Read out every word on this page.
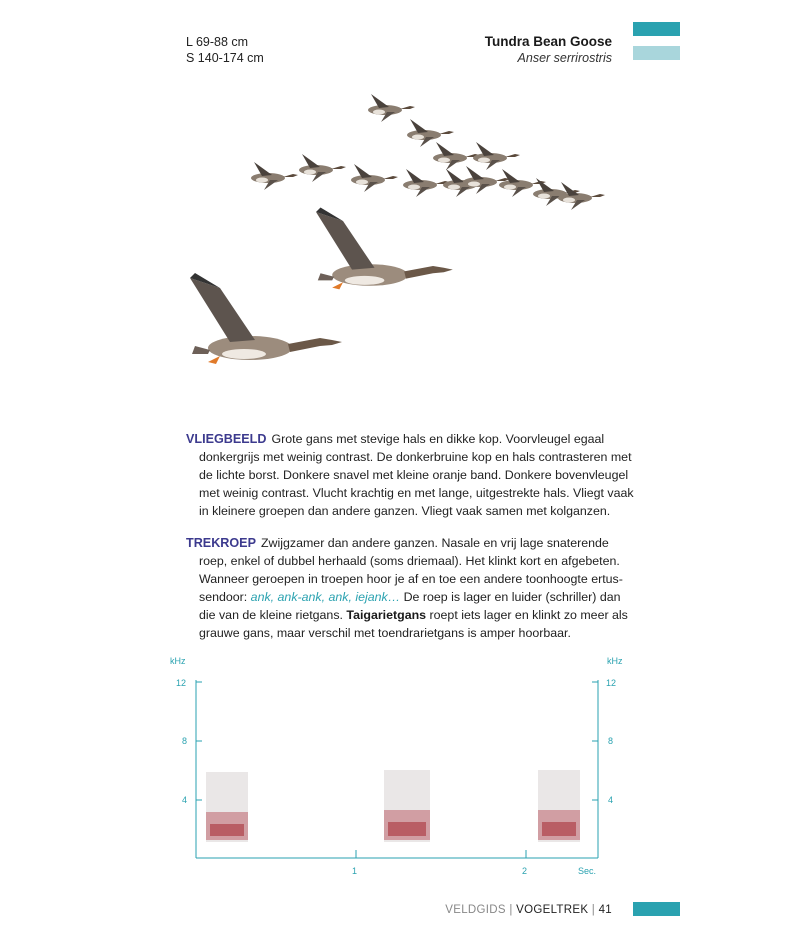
L 69-88 cm
S 140-174 cm
Tundra Bean Goose
Anser serrirostris
VLIEGBEELD Grote gans met stevige hals en dikke kop. Voorvleugel egaal
donkergrijs met weinig contrast. De donkerbruine kop en hals contrasteren met
de lichte borst. Donkere snavel met kleine oranje band. Donkere bovenvleugel
met weinig contrast. Vlucht krachtig en met lange, uitgestrekte hals. Vliegt vaak
in kleinere groepen dan andere ganzen. Vliegt vaak samen met kolganzen.
TREKROEP Zwijgzamer dan andere ganzen. Nasale en vrij lage snaterende
roep, enkel of dubbel herhaald (soms driemaal). Het klinkt kort en afgebeten.
Wanneer geroepen in troepen hoor je af en toe een andere toonhoogte ertus-
sendoor: ank, ank-ank, ank, iejank… De roep is lager en luider (schriller) dan
die van de kleine rietgans. Taigarietgans roept iets lager en klinkt zo meer als
grauwe gans, maar verschil met toendrarietgans is amper hoorbaar.
kHz	kHz
12
8
4
12
8
4
1	2	Sec.
VELDGIDS | VOGELTREK | 41
